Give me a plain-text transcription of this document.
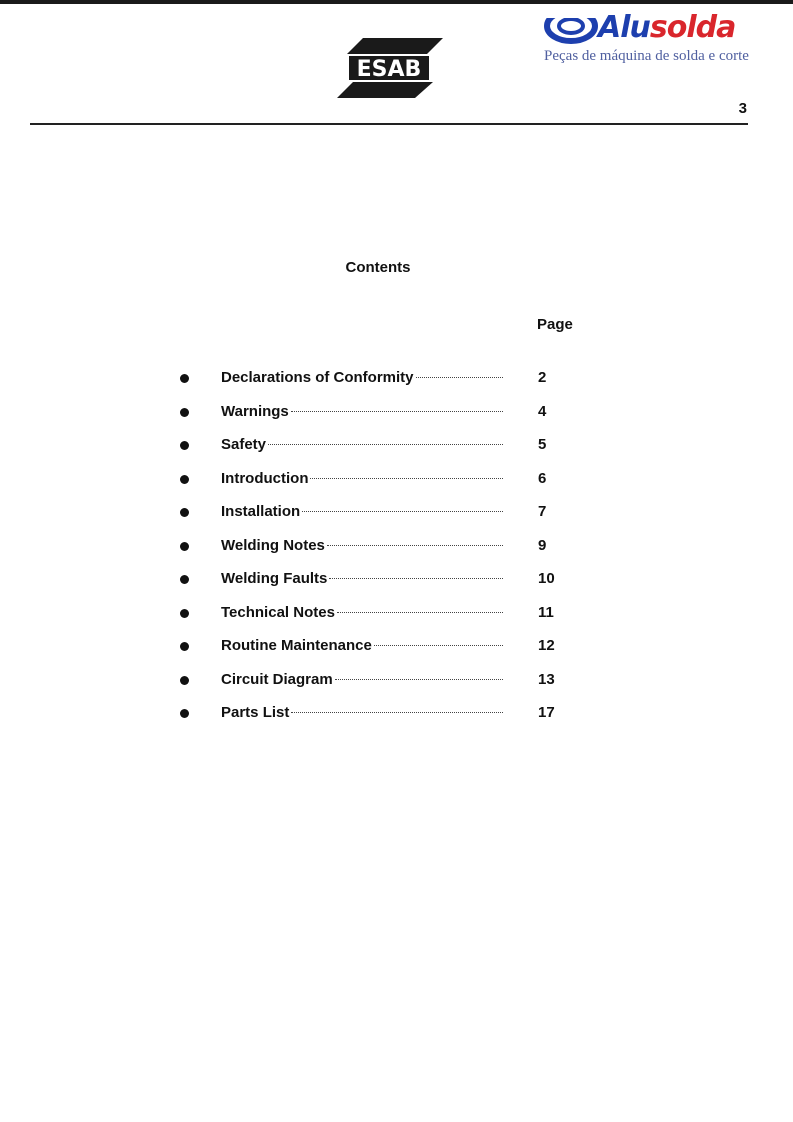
ESAB
Alusolda
Peças de máquina de solda e corte
3
Contents
Page
Declarations of Conformity	2
Warnings	4
Safety	5
Introduction	6
Installation	7
Welding Notes	9
Welding Faults	10
Technical Notes	11
Routine Maintenance	12
Circuit Diagram	13
Parts List	17
